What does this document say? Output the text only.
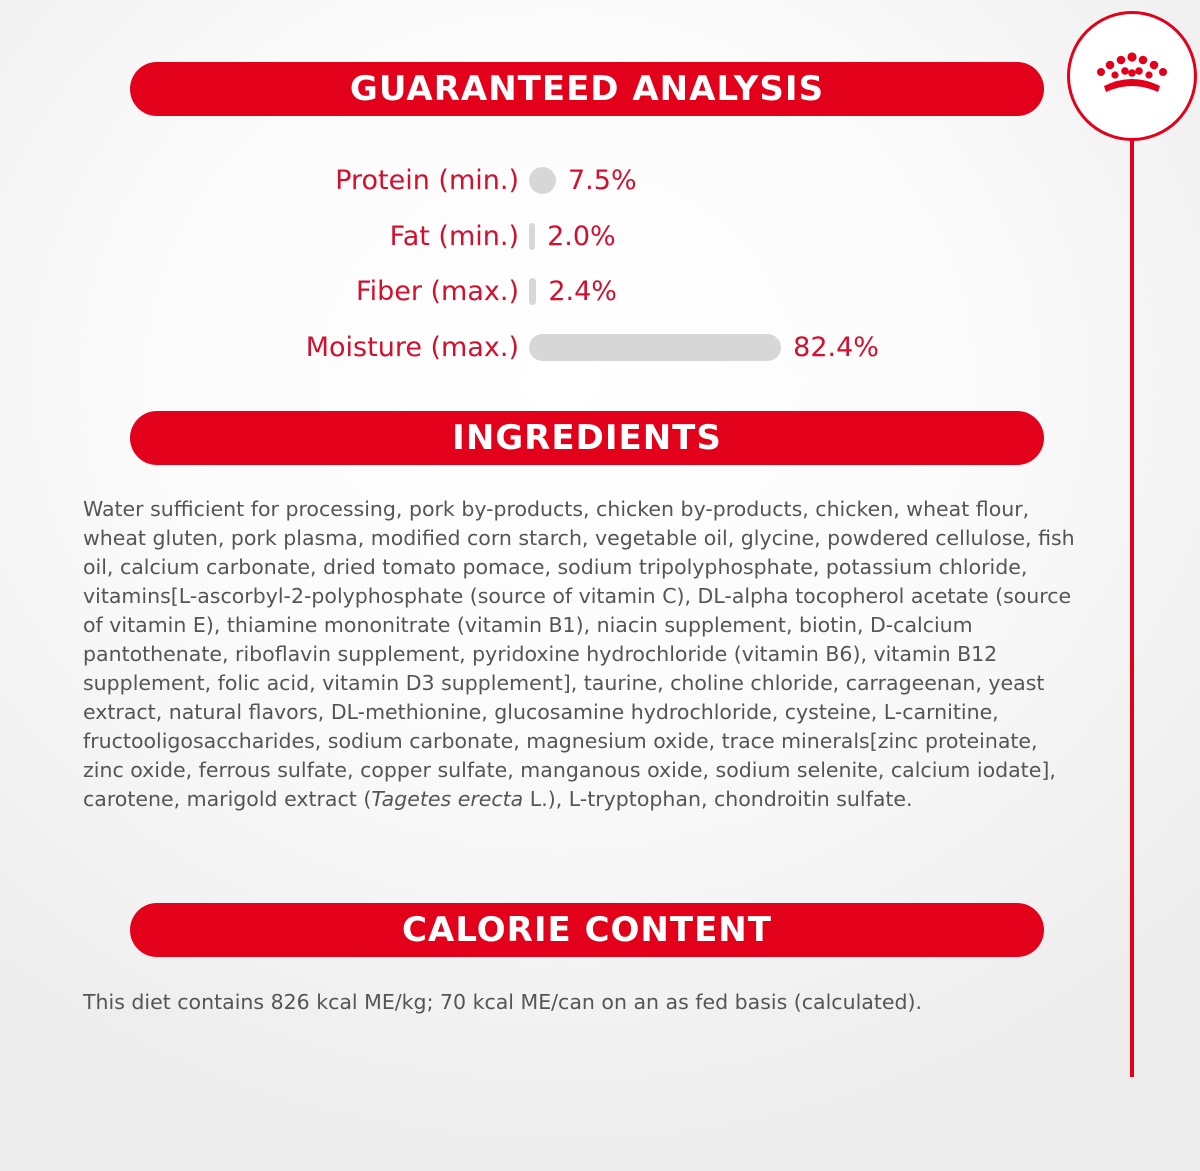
GUARANTEED ANALYSIS
Protein (min.) 7.5%
Fat (min.) 2.0%
Fiber (max.) 2.4%
Moisture (max.)	82.4%
INGREDIENTS
Water sufficient for processing, pork by-products, chicken by-products, chicken, wheat flour, wheat gluten, pork plasma, modified corn starch, vegetable oil, glycine, powdered cellulose, fish oil, calcium carbonate, dried tomato pomace, sodium tripolyphosphate, potassium chloride, vitamins[L-ascorbyl-2-polyphosphate (source of vitamin C), DL-alpha tocopherol acetate (source of vitamin E), thiamine mononitrate (vitamin B1), niacin supplement, biotin, D-calcium pantothenate, riboflavin supplement, pyridoxine hydrochloride (vitamin B6), vitamin B12 supplement, folic acid, vitamin D3 supplement], taurine, choline chloride, carrageenan, yeast extract, natural flavors, DL-methionine, glucosamine hydrochloride, cysteine, L-carnitine, fructooligosaccharides, sodium carbonate, magnesium oxide, trace minerals[zinc proteinate, zinc oxide, ferrous sulfate, copper sulfate, manganous oxide, sodium selenite, calcium iodate], carotene, marigold extract (Tagetes erecta L.), L-tryptophan, chondroitin sulfate.
CALORIE CONTENT
This diet contains 826 kcal ME/kg; 70 kcal ME/can on an as fed basis (calculated).
